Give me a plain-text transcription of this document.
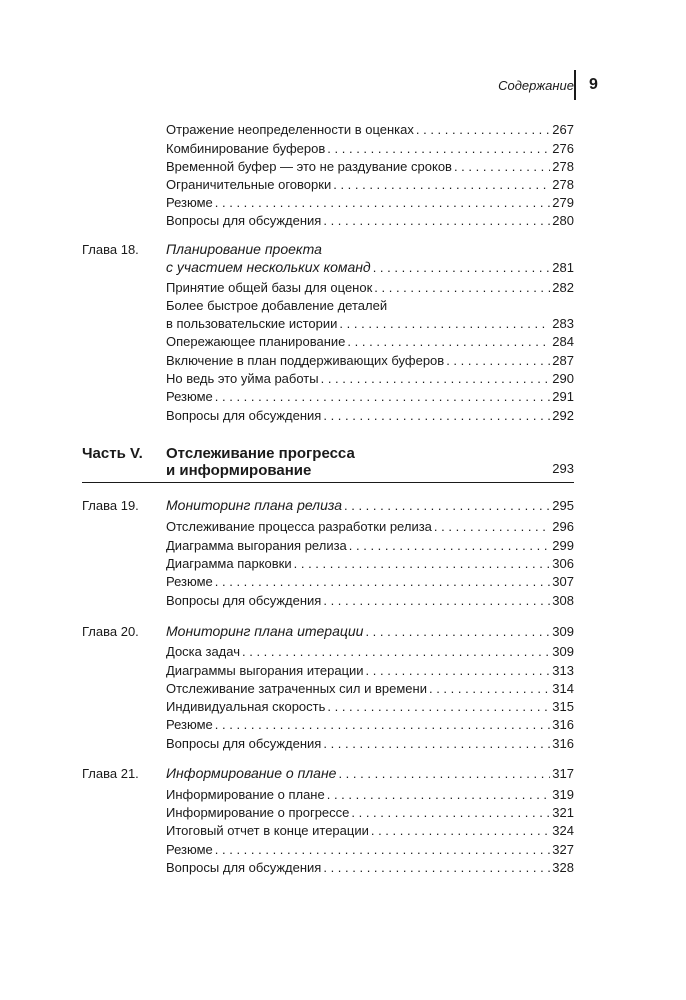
Содержание 9
Отражение неопределенности в оценках . . .	267
Комбинирование буферов . . .	276
Временной буфер — это не раздувание сроков . . .	278
Ограничительные оговорки . . .	278
Резюме . . .	279
Вопросы для обсуждения . . .	280
Глава 18. Планирование проекта
с участием нескольких команд . . .	281
Принятие общей базы для оценок . . .	282
Более быстрое добавление деталей
в пользовательские истории . . .	283
Опережающее планирование . . .	284
Включение в план поддерживающих буферов . . .	287
Но ведь это уйма работы . . .	290
Резюме . . .	291
Вопросы для обсуждения . . .	292
Часть V. Отслеживание прогресса
и информирование	293
Глава 19. Мониторинг плана релиза . . .	295
Отслеживание процесса разработки релиза . . .	296
Диаграмма выгорания релиза . . .	299
Диаграмма парковки . . .	306
Резюме . . .	307
Вопросы для обсуждения . . .	308
Глава 20. Мониторинг плана итерации . . .	309
Доска задач . . .	309
Диаграммы выгорания итерации . . .	313
Отслеживание затраченных сил и времени . . .	314
Индивидуальная скорость . . .	315
Резюме . . .	316
Вопросы для обсуждения . . .	316
Глава 21. Информирование о плане . . .	317
Информирование о плане . . .	319
Информирование о прогрессе . . .	321
Итоговый отчет в конце итерации . . .	324
Резюме . . .	327
Вопросы для обсуждения . . .	328
